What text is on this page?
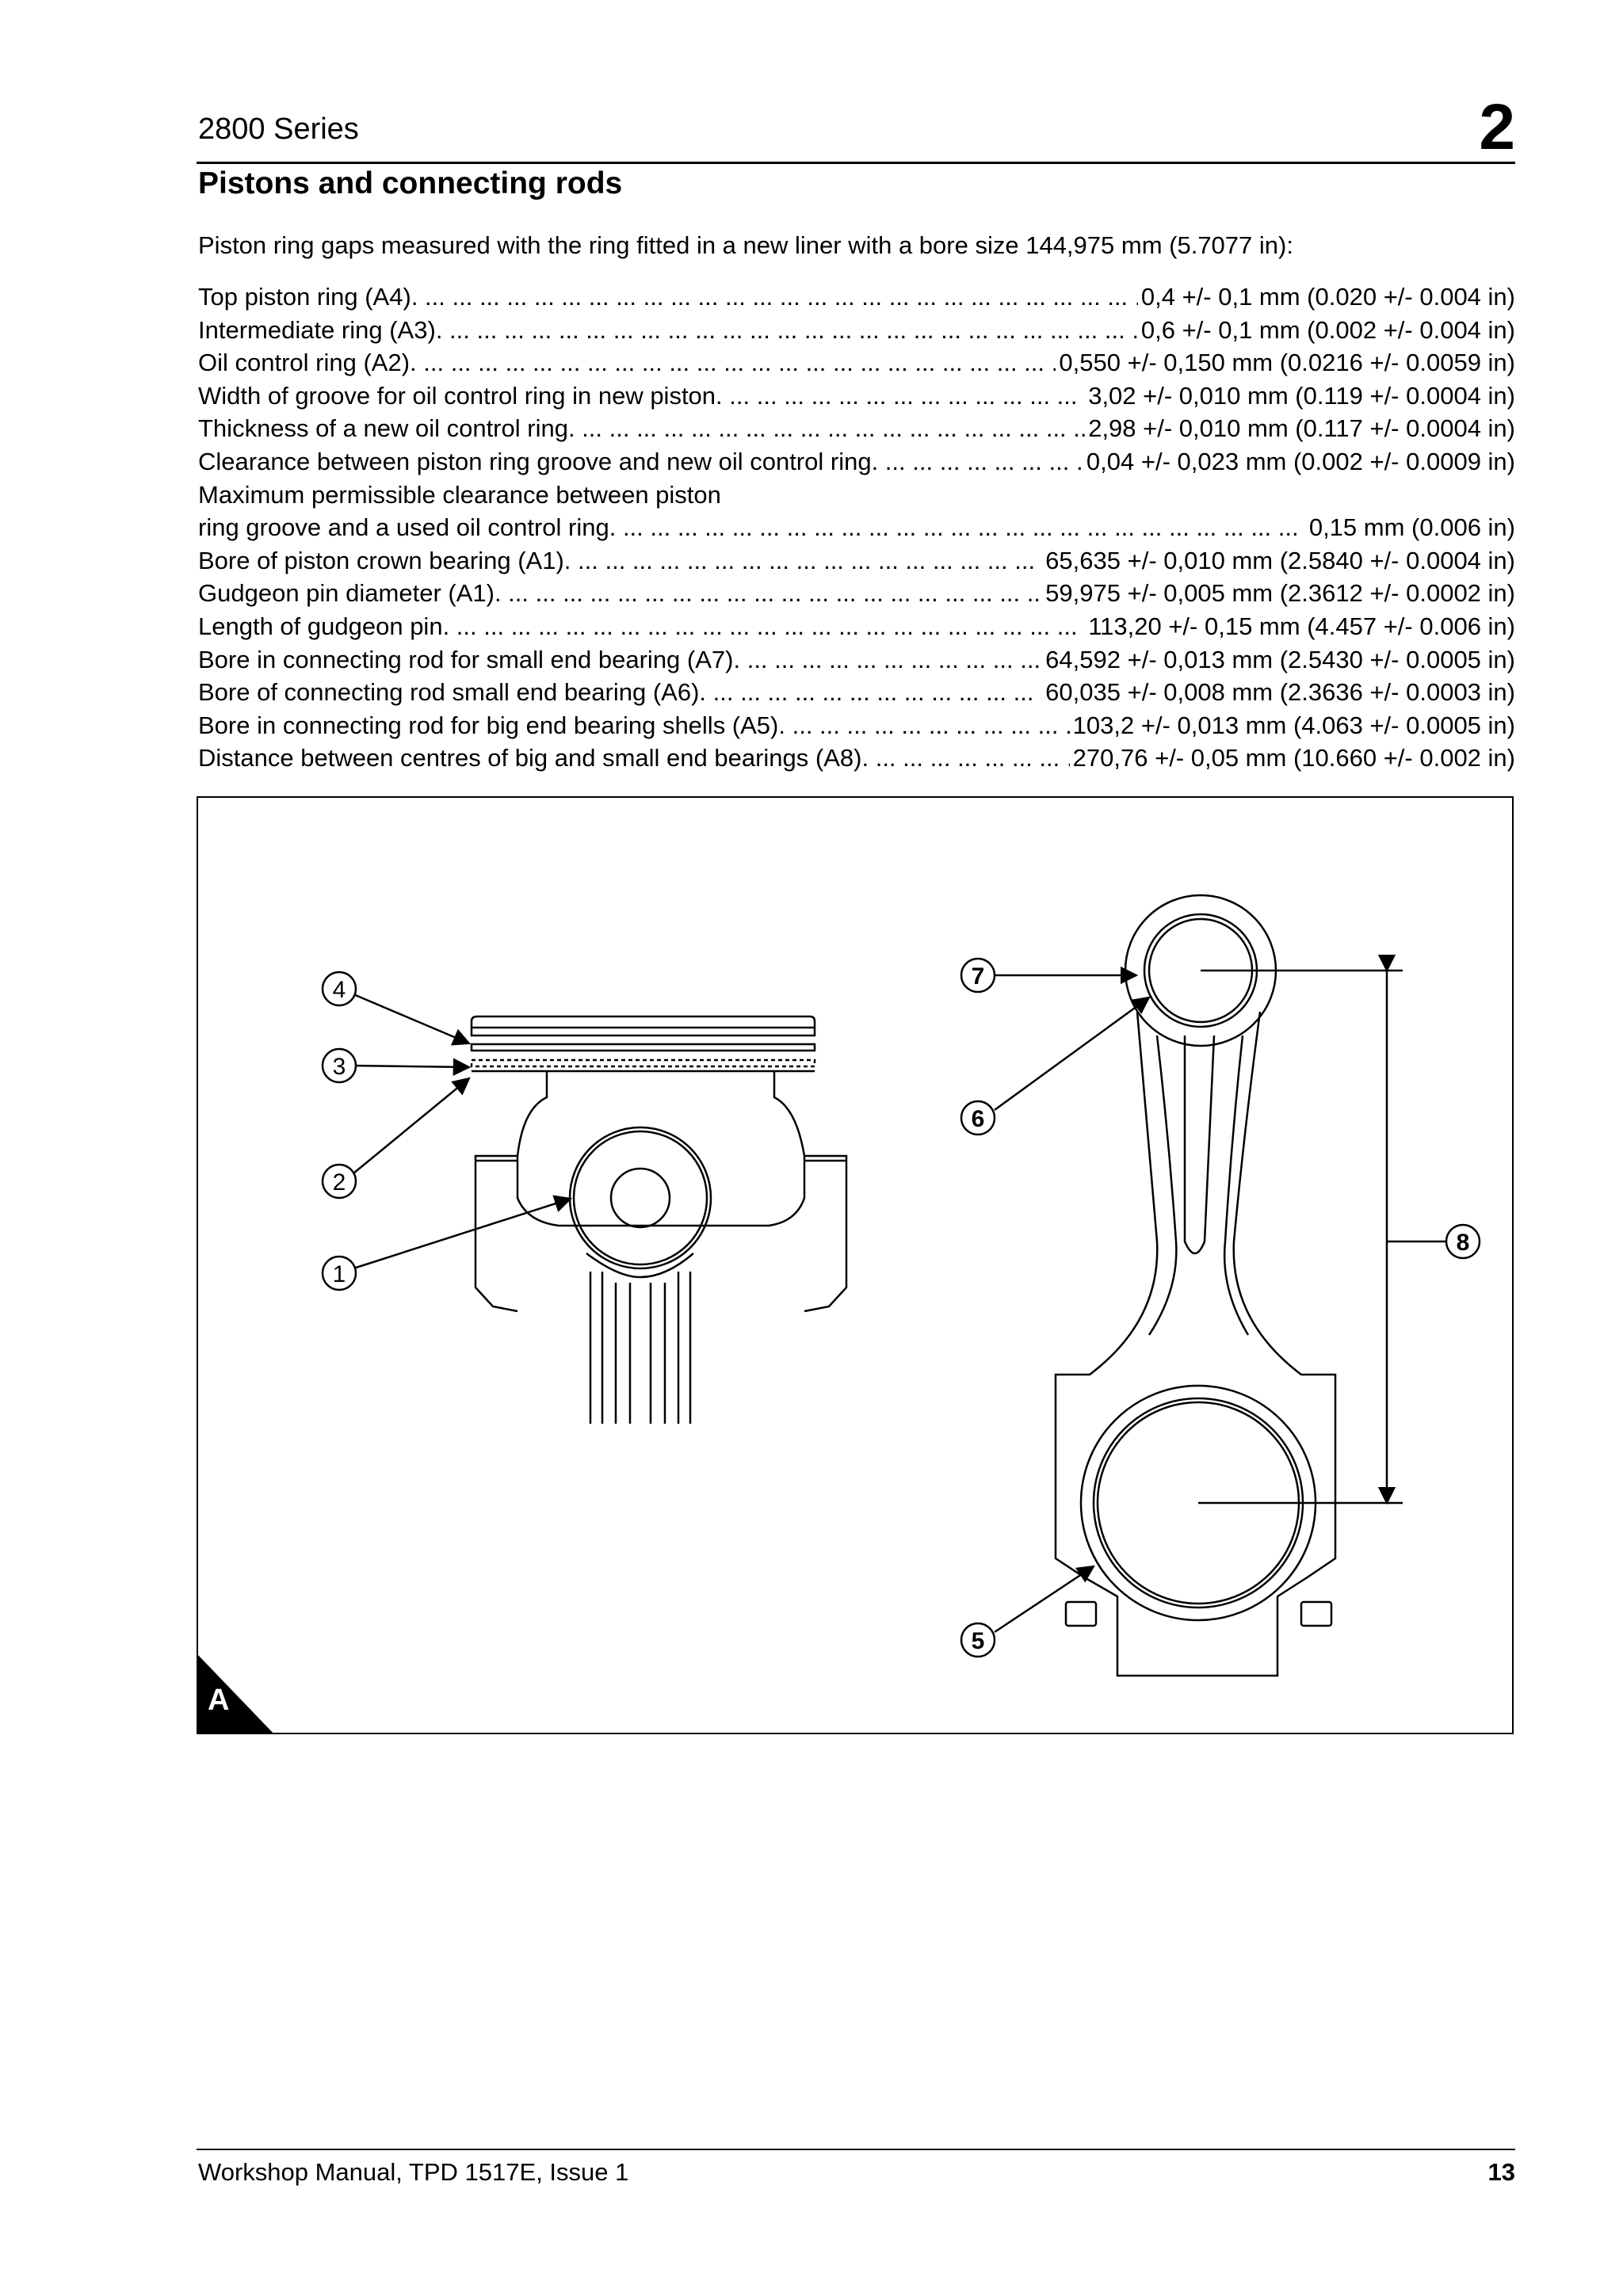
2800 Series	2
Pistons and connecting rods
Piston ring gaps measured with the ring fitted in a new liner with a bore size 144,975 mm (5.7077 in):
Top piston ring (A4) . ...	0,4 +/- 0,1 mm (0.020 +/- 0.004 in)
Intermediate ring (A3) . ...	0,6 +/- 0,1 mm (0.002 +/- 0.004 in)
Oil control ring (A2) . ...	0,550 +/- 0,150 mm (0.0216 +/- 0.0059 in)
Width of groove for oil control ring in new piston . ...	3,02 +/- 0,010 mm (0.119 +/- 0.0004 in)
Thickness of a new oil control ring . ...	2,98 +/- 0,010 mm (0.117 +/- 0.0004 in)
Clearance between piston ring groove and new oil control ring . ...	0,04 +/- 0,023 mm (0.002 +/- 0.0009 in)
Maximum permissible clearance between piston
ring groove and a used oil control ring . ...	0,15 mm (0.006 in)
Bore of piston crown bearing (A1) . ...	65,635 +/- 0,010 mm (2.5840 +/- 0.0004 in)
Gudgeon pin diameter (A1) . ...	59,975 +/- 0,005 mm (2.3612 +/- 0.0002 in)
Length of gudgeon pin . ...	113,20 +/- 0,15 mm (4.457 +/- 0.006 in)
Bore in connecting rod for small end bearing (A7) . ...	64,592 +/- 0,013 mm (2.5430 +/- 0.0005 in)
Bore of connecting rod small end bearing (A6) . ...	60,035 +/- 0,008 mm (2.3636 +/- 0.0003 in)
Bore in connecting rod for big end bearing shells (A5) . ...	103,2 +/- 0,013 mm (4.063 +/- 0.0005 in)
Distance between centres of big and small end bearings (A8) . ...	270,76 +/- 0,05 mm (10.660 +/- 0.002 in)
4
3
2
1
7
6
5
8
A
Workshop Manual, TPD 1517E, Issue 1	13
